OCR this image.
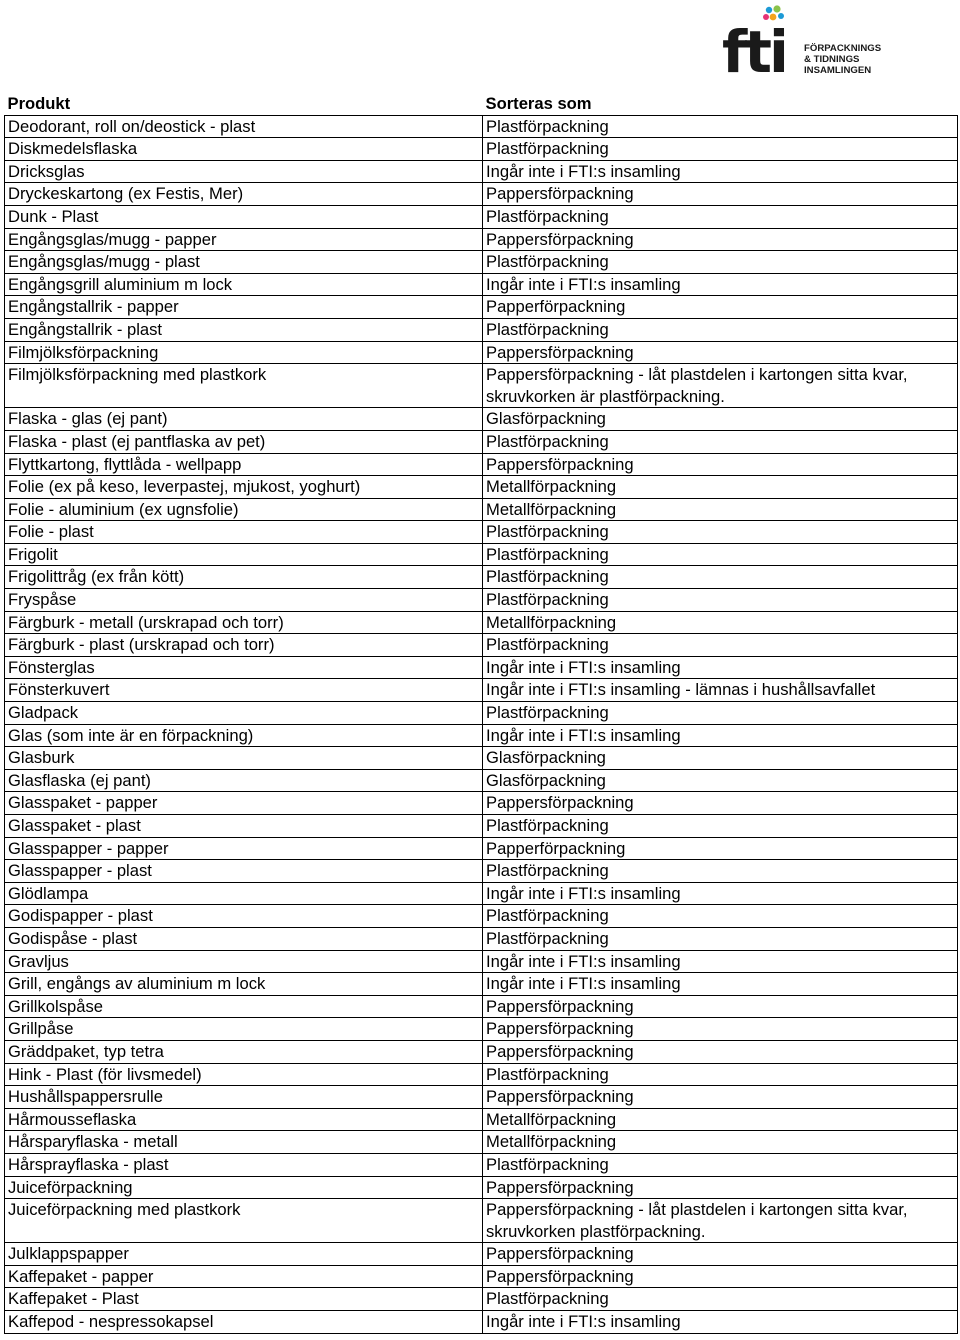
fti FÖRPACKNINGS
& TIDNINGS
INSAMLINGEN
Produkt	Sorteras som
Deodorant, roll on/deostick - plast	Plastförpackning
Diskmedelsflaska	Plastförpackning
Dricksglas	Ingår inte i FTI:s insamling
Dryckeskartong (ex Festis, Mer)	Pappersförpackning
Dunk - Plast	Plastförpackning
Engångsglas/mugg - papper	Pappersförpackning
Engångsglas/mugg - plast	Plastförpackning
Engångsgrill aluminium m lock	Ingår inte i FTI:s insamling
Engångstallrik - papper	Papperförpackning
Engångstallrik - plast	Plastförpackning
Filmjölksförpackning	Pappersförpackning
Filmjölksförpackning med plastkork	Pappersförpackning - låt plastdelen i kartongen sitta kvar, skruvkorken är plastförpackning.
Flaska - glas (ej pant)	Glasförpackning
Flaska - plast (ej pantflaska av pet)	Plastförpackning
Flyttkartong, flyttlåda - wellpapp	Pappersförpackning
Folie (ex på keso, leverpastej, mjukost, yoghurt)	Metallförpackning
Folie - aluminium (ex ugnsfolie)	Metallförpackning
Folie - plast	Plastförpackning
Frigolit	Plastförpackning
Frigolittråg (ex från kött)	Plastförpackning
Fryspåse	Plastförpackning
Färgburk - metall (urskrapad och torr)	Metallförpackning
Färgburk - plast (urskrapad och torr)	Plastförpackning
Fönsterglas	Ingår inte i FTI:s insamling
Fönsterkuvert	Ingår inte i FTI:s insamling - lämnas i hushållsavfallet
Gladpack	Plastförpackning
Glas (som inte är en förpackning)	Ingår inte i FTI:s insamling
Glasburk	Glasförpackning
Glasflaska (ej pant)	Glasförpackning
Glasspaket - papper	Pappersförpackning
Glasspaket - plast	Plastförpackning
Glasspapper - papper	Papperförpackning
Glasspapper - plast	Plastförpackning
Glödlampa	Ingår inte i FTI:s insamling
Godispapper - plast	Plastförpackning
Godispåse - plast	Plastförpackning
Gravljus	Ingår inte i FTI:s insamling
Grill, engångs av aluminium m lock	Ingår inte i FTI:s insamling
Grillkolspåse	Pappersförpackning
Grillpåse	Pappersförpackning
Gräddpaket, typ tetra	Pappersförpackning
Hink - Plast (för livsmedel)	Plastförpackning
Hushållspappersrulle	Pappersförpackning
Hårmousseflaska	Metallförpackning
Hårsparyflaska - metall	Metallförpackning
Hårsprayflaska - plast	Plastförpackning
Juiceförpackning	Pappersförpackning
Juiceförpackning med plastkork	Pappersförpackning - låt plastdelen i kartongen sitta kvar, skruvkorken plastförpackning.
Julklappspapper	Pappersförpackning
Kaffepaket - papper	Pappersförpackning
Kaffepaket - Plast	Plastförpackning
Kaffepod - nespressokapsel	Ingår inte i FTI:s insamling
